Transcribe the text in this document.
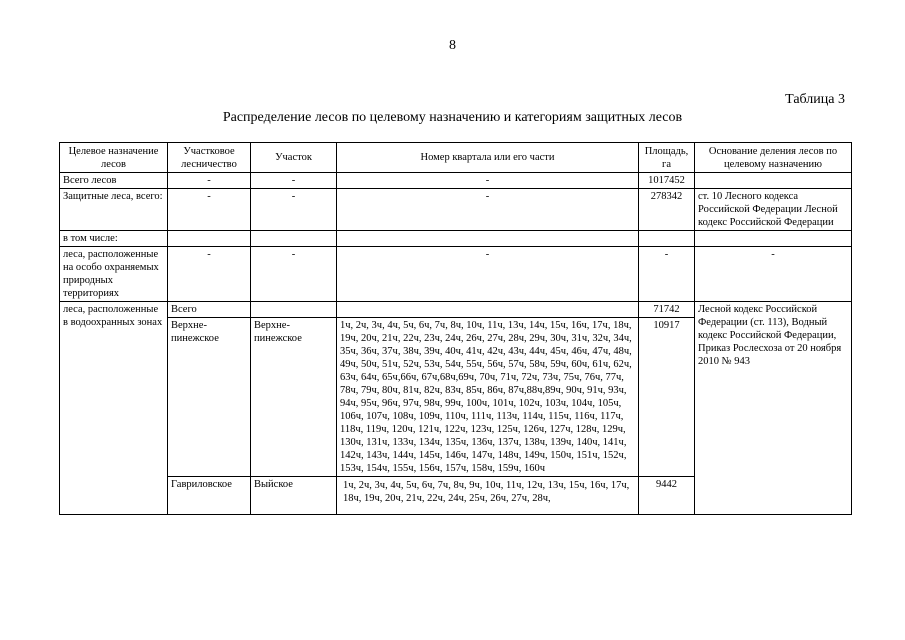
8
Таблица 3
Распределение лесов по целевому назначению и категориям защитных лесов
Целевое назначение лесов	Участковое лесничество	Участок	Номер квартала или его части	Площадь, га	Основание деления лесов по целевому назначению
Всего лесов	-	-	-	1017452	
Защитные леса, всего:	-	-	-	278342	ст. 10 Лесного кодекса Российской Федерации Лесной кодекс Российской Федерации
в том числе:					
леса, расположенные на особо охраняемых природных территориях	-	-	-	-	-
леса, расположенные в водоохранных зонах	Всего			71742	Лесной кодекс Российской Федерации (ст. 113), Водный кодекс Российской Федерации, Приказ Рослесхоза от 20 ноября 2010 № 943
	Верхне-пинежское	Верхне-пинежское	1ч, 2ч, 3ч, 4ч, 5ч, 6ч, 7ч, 8ч, 10ч, 11ч, 13ч, 14ч, 15ч, 16ч, 17ч, 18ч, 19ч, 20ч, 21ч, 22ч, 23ч, 24ч, 26ч, 27ч, 28ч, 29ч, 30ч, 31ч, 32ч, 34ч, 35ч, 36ч, 37ч, 38ч, 39ч, 40ч, 41ч, 42ч, 43ч, 44ч, 45ч, 46ч, 47ч, 48ч, 49ч, 50ч, 51ч, 52ч, 53ч, 54ч, 55ч, 56ч, 57ч, 58ч, 59ч, 60ч, 61ч, 62ч, 63ч, 64ч, 65ч,66ч, 67ч,68ч,69ч, 70ч, 71ч, 72ч, 73ч, 75ч, 76ч, 77ч, 78ч, 79ч, 80ч, 81ч, 82ч, 83ч, 85ч, 86ч, 87ч,88ч,89ч, 90ч, 91ч, 93ч, 94ч, 95ч, 96ч, 97ч, 98ч, 99ч, 100ч, 101ч, 102ч, 103ч, 104ч, 105ч, 106ч, 107ч, 108ч, 109ч, 110ч, 111ч, 113ч, 114ч, 115ч, 116ч, 117ч, 118ч, 119ч, 120ч, 121ч, 122ч, 123ч, 125ч, 126ч, 127ч, 128ч, 129ч, 130ч, 131ч, 133ч, 134ч, 135ч, 136ч, 137ч, 138ч, 139ч, 140ч, 141ч, 142ч, 143ч, 144ч, 145ч, 146ч, 147ч, 148ч, 149ч, 150ч, 151ч, 152ч, 153ч, 154ч, 155ч, 156ч, 157ч, 158ч, 159ч, 160ч	10917	
	Гавриловское	Выйское	1ч, 2ч, 3ч, 4ч, 5ч, 6ч, 7ч, 8ч, 9ч, 10ч, 11ч, 12ч, 13ч, 15ч, 16ч, 17ч, 18ч, 19ч, 20ч, 21ч, 22ч, 24ч, 25ч, 26ч, 27ч, 28ч,	9442	
